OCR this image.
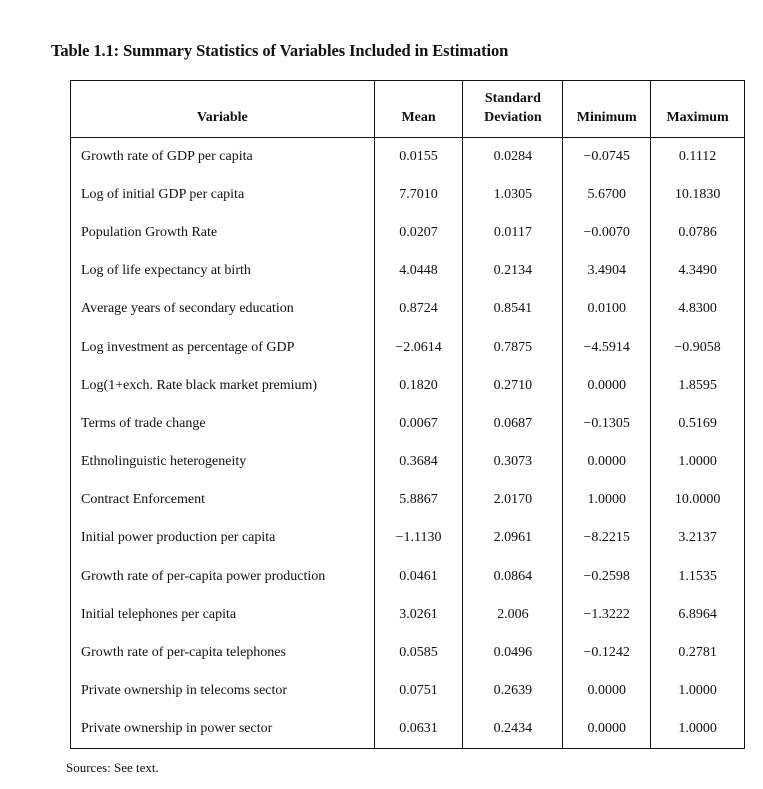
Table 1.1: Summary Statistics of Variables Included in Estimation
Variable	Mean	Standard Deviation	Minimum	Maximum
Growth rate of GDP per capita	0.0155	0.0284	−0.0745	0.1112
Log of initial GDP per capita	7.7010	1.0305	5.6700	10.1830
Population Growth Rate	0.0207	0.0117	−0.0070	0.0786
Log of life expectancy at birth	4.0448	0.2134	3.4904	4.3490
Average years of secondary education	0.8724	0.8541	0.0100	4.8300
Log investment as percentage of GDP	−2.0614	0.7875	−4.5914	−0.9058
Log(1+exch. Rate black market premium)	0.1820	0.2710	0.0000	1.8595
Terms of trade change	0.0067	0.0687	−0.1305	0.5169
Ethnolinguistic heterogeneity	0.3684	0.3073	0.0000	1.0000
Contract Enforcement	5.8867	2.0170	1.0000	10.0000
Initial power production per capita	−1.1130	2.0961	−8.2215	3.2137
Growth rate of per-capita power production	0.0461	0.0864	−0.2598	1.1535
Initial telephones per capita	3.0261	2.006	−1.3222	6.8964
Growth rate of per-capita telephones	0.0585	0.0496	−0.1242	0.2781
Private ownership in telecoms sector	0.0751	0.2639	0.0000	1.0000
Private ownership in power sector	0.0631	0.2434	0.0000	1.0000
Sources: See text.
